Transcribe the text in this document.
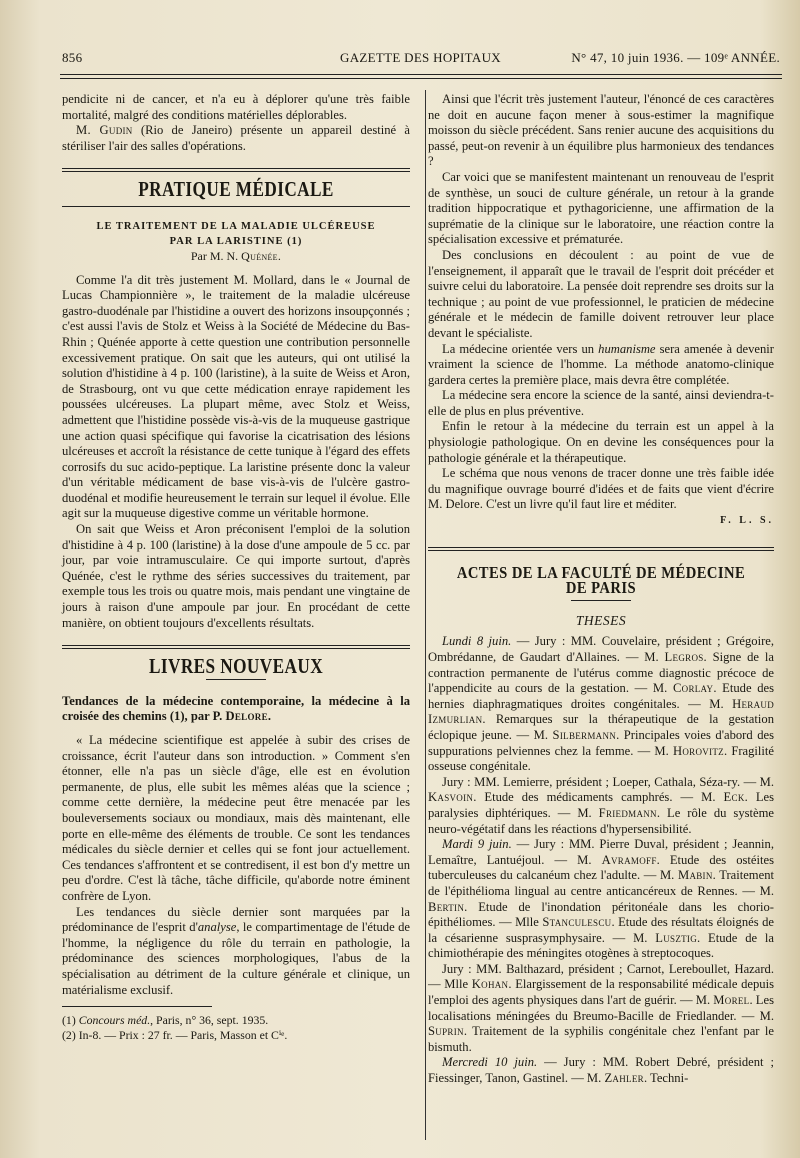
856	GAZETTE DES HOPITAUX	N° 47, 10 juin 1936. — 109ᵉ ANNÉE.

pendicite ni de cancer, et n'a eu à déplorer qu'une très faible mortalité, malgré des conditions matérielles déplorables.

M. Gudin (Rio de Janeiro) présente un appareil destiné à stériliser l'air des salles d'opérations.

PRATIQUE MÉDICALE
LE TRAITEMENT DE LA MALADIE ULCÉREUSE
PAR LA LARISTINE (1)
Par M. N. Quénée.

Comme l'a dit très justement M. Mollard, dans le « Journal de Lucas Championnière », le traitement de la maladie ulcéreuse gastro-duodénale par l'histidine a ouvert des horizons insoupçonnés ; c'est aussi l'avis de Stolz et Weiss à la Société de Médecine du Bas-Rhin ; Quénée apporte à cette question une contribution personnelle excessivement pratique. On sait que les auteurs, qui ont utilisé la solution d'histidine à 4 p. 100 (laristine), à la suite de Weiss et Aron, de Strasbourg, ont vu que cette médication enraye rapidement les poussées ulcéreuses. La plupart même, avec Stolz et Weiss, admettent que l'histidine possède vis-à-vis de la muqueuse gastrique une action quasi spécifique qui favorise la cicatrisation des lésions ulcéreuses et accroît la résistance de cette tunique à l'égard des effets corrosifs du suc acido-peptique. La laristine présente donc la valeur d'un véritable médicament de base vis-à-vis de l'ulcère gastro-duodénal et modifie heureusement le terrain sur lequel il évolue. Elle agit sur la muqueuse digestive comme un véritable hormone.

On sait que Weiss et Aron préconisent l'emploi de la solution d'histidine à 4 p. 100 (laristine) à la dose d'une ampoule de 5 cc. par jour, par voie intramusculaire. Ce qui importe surtout, d'après Quénée, c'est le rythme des séries successives du traitement, par exemple tous les trois ou quatre mois, mais pendant une vingtaine de jours à raison d'une ampoule par jour. En procédant de cette manière, on obtient toujours d'excellents résultats.

LIVRES NOUVEAUX

Tendances de la médecine contemporaine, la médecine à la croisée des chemins (1), par P. Delore.

« La médecine scientifique est appelée à subir des crises de croissance, écrit l'auteur dans son introduction. » Comment s'en étonner, elle n'a pas un siècle d'âge, elle est en évolution permanente, de plus, elle subit les mêmes aléas que la science ; comme cette dernière, la médecine peut être menacée par les bouleversements sociaux ou mondiaux, mais dès maintenant, elle porte en elle-même des éléments de trouble. Ce sont les tendances médicales du siècle dernier et celles qui se font jour actuellement. Ces tendances s'affrontent et se contredisent, il est bon d'y mettre un peu d'ordre. C'est là tâche, tâche difficile, qu'aborde notre éminent confrère de Lyon.

Les tendances du siècle dernier sont marquées par la prédominance de l'esprit d'analyse, le compartimentage de l'étude de l'homme, la négligence du rôle du terrain en pathologie, la prédominance des sciences morphologiques, l'abus de la spécialisation au détriment de la culture générale et clinique, un matérialisme exclusif.

(1) Concours méd., Paris, n° 36, sept. 1935.

(2) In-8. — Prix : 27 fr. — Paris, Masson et Cⁱᵉ.

Ainsi que l'écrit très justement l'auteur, l'énoncé de ces caractères ne doit en aucune façon mener à sous-estimer la magnifique moisson du siècle précédent. Sans renier aucune des acquisitions du passé, peut-on revenir à un équilibre plus harmonieux des tendances ?

Car voici que se manifestent maintenant un renouveau de l'esprit de synthèse, un souci de culture générale, un retour à la grande tradition hippocratique et pythagoricienne, une affirmation de la suprématie de la clinique sur le laboratoire, une réaction contre la spécialisation excessive et prématurée.

Des conclusions en découlent : au point de vue de l'enseignement, il apparaît que le travail de l'esprit doit précéder et suivre celui du laboratoire. La pensée doit reprendre ses droits sur la technique ; au point de vue professionnel, le praticien de médecine générale et le médecin de famille doivent retrouver leur place devant le spécialiste.

La médecine orientée vers un humanisme sera amenée à devenir vraiment la science de l'homme. La méthode anatomo-clinique gardera certes la première place, mais devra être complétée.

La médecine sera encore la science de la santé, ainsi deviendra-t-elle de plus en plus préventive.

Enfin le retour à la médecine du terrain est un appel à la physiologie pathologique. On en devine les conséquences pour la pathologie générale et la thérapeutique.

Le schéma que nous venons de tracer donne une très faible idée du magnifique ouvrage bourré d'idées et de faits que vient d'écrire M. Delore. C'est un livre qu'il faut lire et méditer.

F. L. S.
ACTES DE LA FACULTÉ DE MÉDECINE DE PARIS
THESES

Lundi 8 juin. — Jury : MM. Couvelaire, président ; Grégoire, Ombrédanne, de Gaudart d'Allaines. — M. Legros. Signe de la contraction permanente de l'utérus comme diagnostic précoce de l'appendicite au cours de la gestation. — M. Corlay. Etude des hernies diaphragmatiques droites congénitales. — M. Heraud Izmurlian. Remarques sur la thérapeutique de la gestation éclopique jeune. — M. Silbermann. Principales voies d'abord des suppurations pelviennes chez la femme. — M. Horovitz. Fragilité osseuse congénitale.

Jury : MM. Lemierre, président ; Loeper, Cathala, Séza-ry. — M. Kasvoin. Etude des médicaments camphrés. — M. Eck. Les paralysies diphtériques. — M. Friedmann. Le rôle du système neuro-végétatif dans les réactions d'hypersensibilité.

Mardi 9 juin. — Jury : MM. Pierre Duval, président ; Jeannin, Lemaître, Lantuéjoul. — M. Avramoff. Etude des ostéites tuberculeuses du calcanéum chez l'adulte. — M. Mabin. Traitement de l'épithélioma lingual au centre anticancéreux de Rennes. — M. Bertin. Etude de l'inondation péritonéale dans les chorio-épithéliomes. — Mlle Stanculescu. Etude des résultats éloignés de la césarienne susprasymphysaire. — M. Lusztig. Etude de la chimiothérapie des méningites otogènes à streptocoques.

Jury : MM. Balthazard, président ; Carnot, Lereboullet, Hazard. — Mlle Kohan. Elargissement de la responsabilité médicale depuis l'emploi des agents physiques dans l'art de guérir. — M. Morel. Les localisations méningées du Breumo-Bacille de Friedlander. — M. Suprin. Traitement de la syphilis congénitale chez l'enfant par le bismuth.

Mercredi 10 juin. — Jury : MM. Robert Debré, président ; Fiessinger, Tanon, Gastinel. — M. Zahler. Techni-
